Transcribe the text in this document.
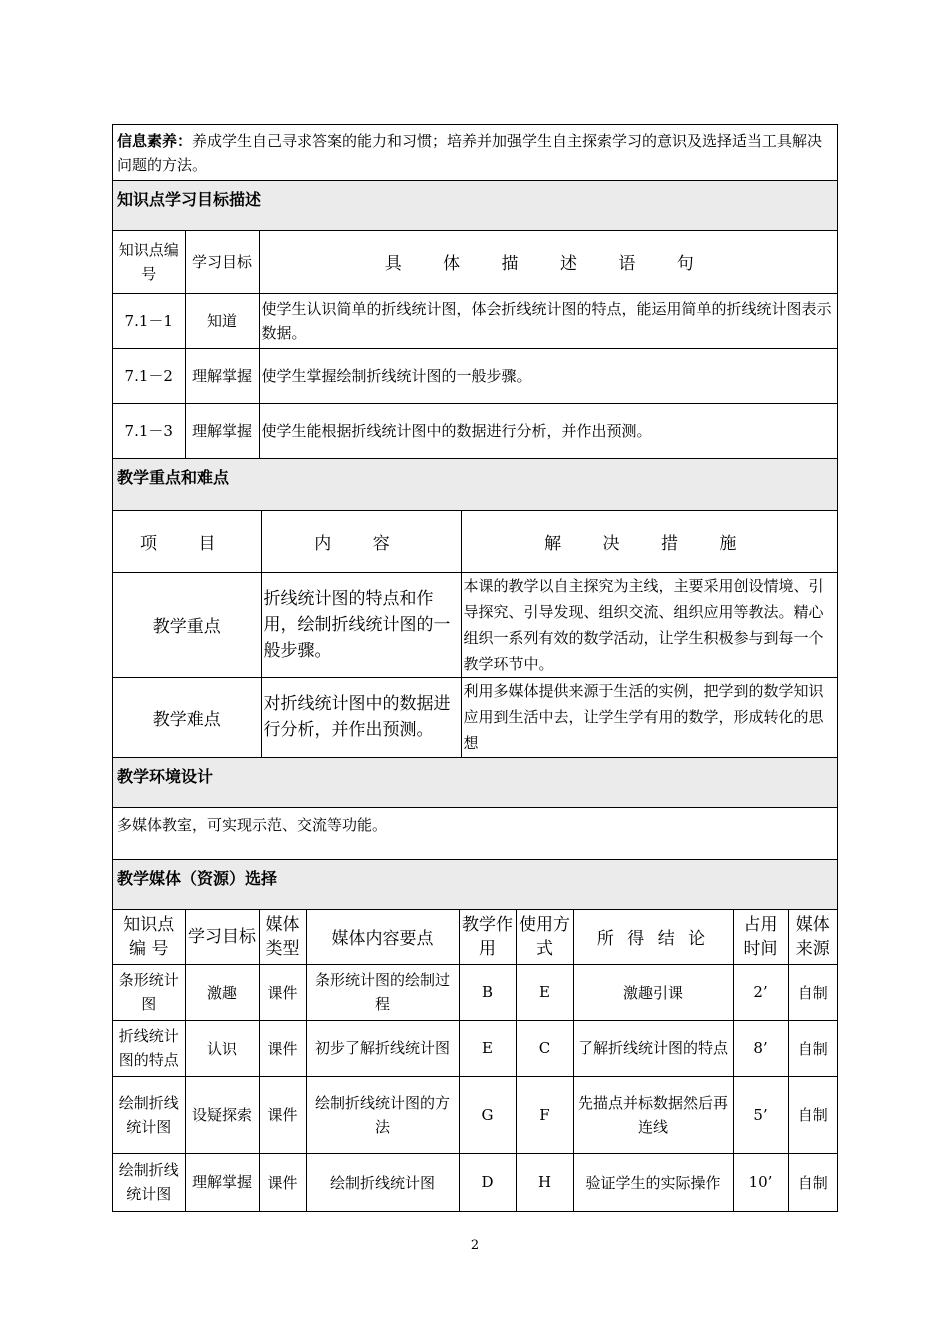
信息素养：养成学生自己寻求答案的能力和习惯；培养并加强学生自主探索学习的意识及选择适当工具解决问题的方法。
知识点学习目标描述
知识点编 号	学习目标	具 体 描 述 语 句
7.1－1	知道	使学生认识简单的折线统计图，体会折线统计图的特点，能运用简单的折线统计图表示数据。
7.1－2	理解掌握	使学生掌握绘制折线统计图的一般步骤。
7.1－3	理解掌握	使学生能根据折线统计图中的数据进行分析，并作出预测。
教学重点和难点
项 目	内 容	解 决 措 施
教学重点	折线统计图的特点和作用，绘制折线统计图的一般步骤。	本课的教学以自主探究为主线，主要采用创设情境、引导探究、引导发现、组织交流、组织应用等教法。精心组织一系列有效的数学活动，让学生积极参与到每一个教学环节中。
教学难点	对折线统计图中的数据进行分析，并作出预测。	利用多媒体提供来源于生活的实例，把学到的数学知识应用到生活中去，让学生学有用的数学，形成转化的思想
教学环境设计
多媒体教室，可实现示范、交流等功能。
教学媒体（资源）选择
知识点编 号	学习目标	媒体类型	媒体内容要点	教学作用	使用方式	所 得 结 论	占用时间	媒体来源
条形统计图	激趣	课件	条形统计图的绘制过程	B	E	激趣引课	2’	自制
折线统计图的特点	认识	课件	初步了解折线统计图	E	C	了解折线统计图的特点	8’	自制
绘制折线统计图	设疑探索	课件	绘制折线统计图的方法	G	F	先描点并标数据然后再连线	5’	自制
绘制折线统计图	理解掌握	课件	绘制折线统计图	D	H	验证学生的实际操作	10’	自制
2
